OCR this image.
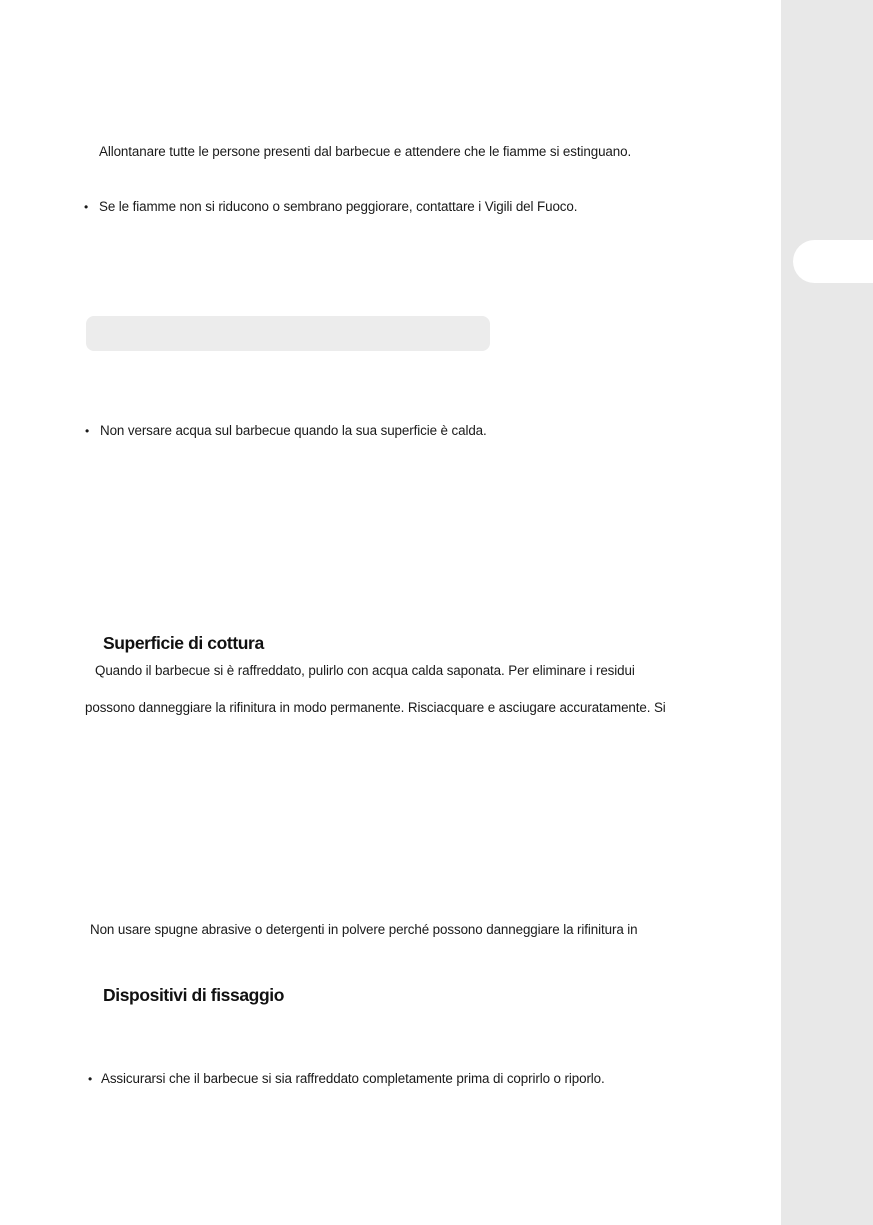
Allontanare tutte le persone presenti dal barbecue e attendere che le fiamme si estinguano.
• Se le fiamme non si riducono o sembrano peggiorare, contattare i Vigili del Fuoco.
• Non versare acqua sul barbecue quando la sua superficie è calda.
Superficie di cottura
Quando il barbecue si è raffreddato, pulirlo con acqua calda saponata. Per eliminare i residui
possono danneggiare la rifinitura in modo permanente. Risciacquare e asciugare accuratamente. Si
Non usare spugne abrasive o detergenti in polvere perché possono danneggiare la rifinitura in
Dispositivi di fissaggio
• Assicurarsi che il barbecue si sia raffreddato completamente prima di coprirlo o riporlo.
